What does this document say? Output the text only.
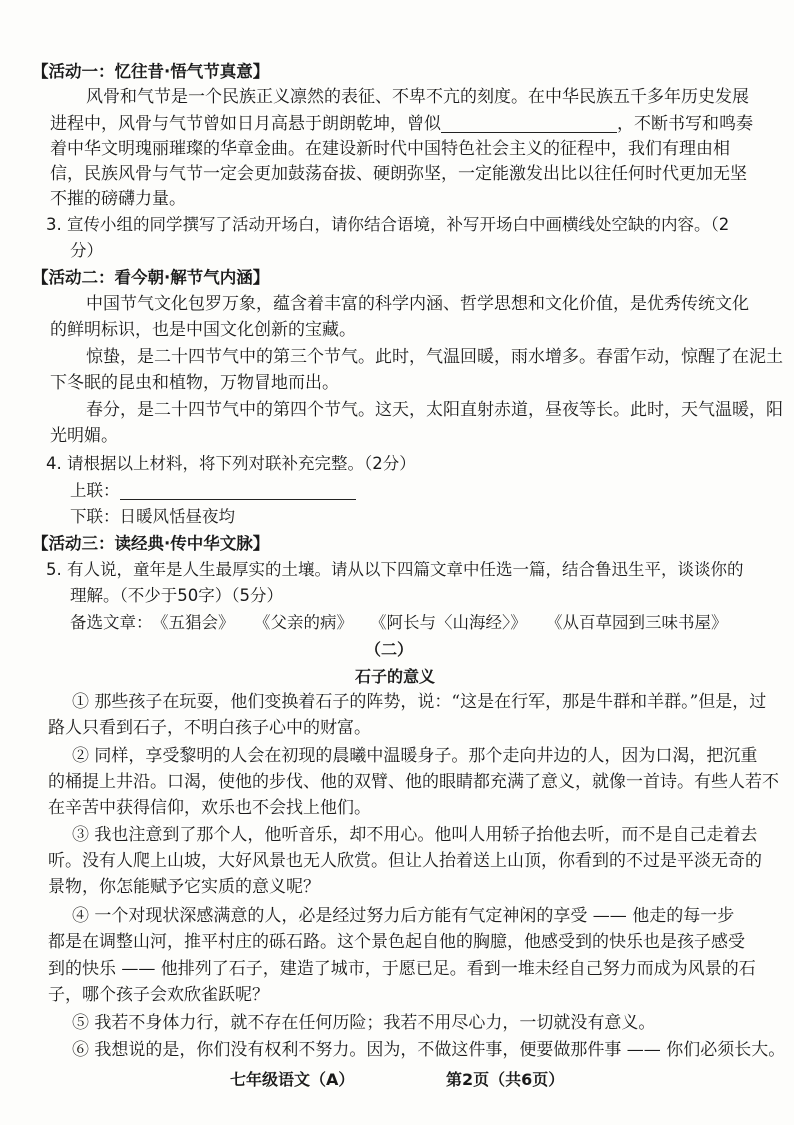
【活动一：忆往昔·悟气节真意】
风骨和气节是一个民族正义凛然的表征、不卑不亢的刻度。在中华民族五千多年历史发展
进程中，风骨与气节曾如日月高悬于朗朗乾坤，曾似	，不断书写和鸣奏
着中华文明瑰丽璀璨的华章金曲。在建设新时代中国特色社会主义的征程中，我们有理由相
信，民族风骨与气节一定会更加鼓荡奋拔、硬朗弥坚，一定能激发出比以往任何时代更加无坚
不摧的磅礴力量。
3. 宣传小组的同学撰写了活动开场白，请你结合语境，补写开场白中画横线处空缺的内容。（2
分）
【活动二：看今朝·解节气内涵】
中国节气文化包罗万象，蕴含着丰富的科学内涵、哲学思想和文化价值，是优秀传统文化
的鲜明标识，也是中国文化创新的宝藏。
惊蛰，是二十四节气中的第三个节气。此时，气温回暖，雨水增多。春雷乍动，惊醒了在泥土
下冬眠的昆虫和植物，万物冒地而出。
春分，是二十四节气中的第四个节气。这天，太阳直射赤道，昼夜等长。此时，天气温暖，阳
光明媚。
4. 请根据以上材料，将下列对联补充完整。（2分）
上联：
下联：日暖风恬昼夜均
【活动三：读经典·传中华文脉】
5. 有人说，童年是人生最厚实的土壤。请从以下四篇文章中任选一篇，结合鲁迅生平，谈谈你的
理解。（不少于50字）（5分）
备选文章： 《五猖会》 《父亲的病》 《阿长与〈山海经〉》 《从百草园到三味书屋》
（二）
石子的意义
① 那些孩子在玩耍，他们变换着石子的阵势，说：“这是在行军，那是牛群和羊群。”但是，过
路人只看到石子，不明白孩子心中的财富。
② 同样，享受黎明的人会在初现的晨曦中温暖身子。那个走向井边的人，因为口渴，把沉重
的桶提上井沿。口渴，使他的步伐、他的双臂、他的眼睛都充满了意义，就像一首诗。有些人若不
在辛苦中获得信仰，欢乐也不会找上他们。
③ 我也注意到了那个人，他听音乐，却不用心。他叫人用轿子抬他去听，而不是自己走着去
听。没有人爬上山坡，大好风景也无人欣赏。但让人抬着送上山顶，你看到的不过是平淡无奇的
景物，你怎能赋予它实质的意义呢？
④ 一个对现状深感满意的人，必是经过努力后方能有气定神闲的享受 —— 他走的每一步
都是在调整山河，推平村庄的砾石路。这个景色起自他的胸臆，他感受到的快乐也是孩子感受
到的快乐 —— 他排列了石子，建造了城市，于愿已足。看到一堆未经自己努力而成为风景的石
子，哪个孩子会欢欣雀跃呢？
⑤ 我若不身体力行，就不存在任何历险；我若不用尽心力，一切就没有意义。
⑥ 我想说的是，你们没有权利不努力。因为，不做这件事，便要做那件事 —— 你们必须长大。
七年级语文（A）	第2页（共6页）
